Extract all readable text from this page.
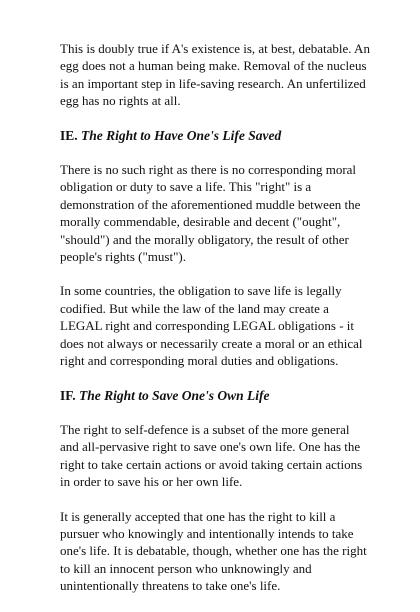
This is doubly true if A's existence is, at best, debatable. An egg does not a human being make. Removal of the nucleus is an important step in life-saving research. An unfertilized egg has no rights at all.

IE. The Right to Have One's Life Saved

There is no such right as there is no corresponding moral obligation or duty to save a life. This "right" is a demonstration of the aforementioned muddle between the morally commendable, desirable and decent ("ought", "should") and the morally obligatory, the result of other people's rights ("must").

In some countries, the obligation to save life is legally codified. But while the law of the land may create a LEGAL right and corresponding LEGAL obligations - it does not always or necessarily create a moral or an ethical right and corresponding moral duties and obligations.

IF. The Right to Save One's Own Life

The right to self-defence is a subset of the more general and all-pervasive right to save one's own life. One has the right to take certain actions or avoid taking certain actions in order to save his or her own life.

It is generally accepted that one has the right to kill a pursuer who knowingly and intentionally intends to take one's life. It is debatable, though, whether one has the right to kill an innocent person who unknowingly and unintentionally threatens to take one's life.
